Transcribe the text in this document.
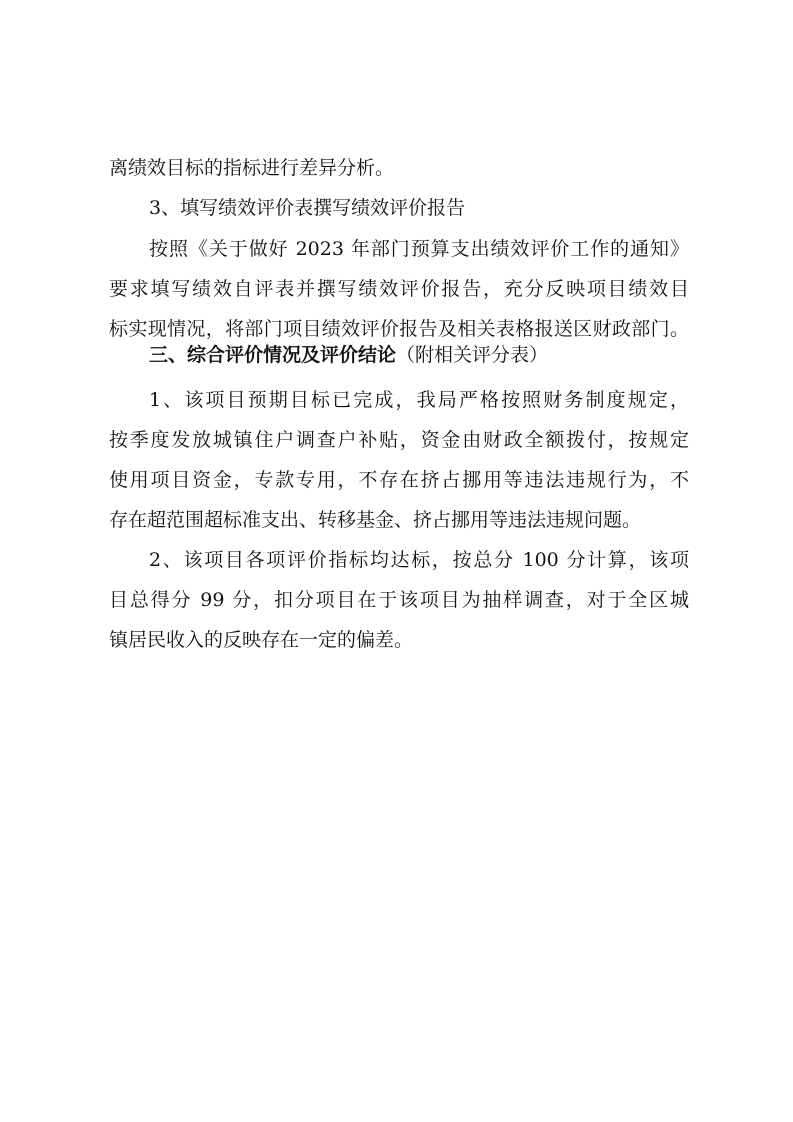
离绩效目标的指标进行差异分析。
3、填写绩效评价表撰写绩效评价报告
按照《关于做好 2023 年部门预算支出绩效评价工作的通知》
要求填写绩效自评表并撰写绩效评价报告，充分反映项目绩效目
标实现情况，将部门项目绩效评价报告及相关表格报送区财政部门。
三、综合评价情况及评价结论（附相关评分表）
1、该项目预期目标已完成，我局严格按照财务制度规定，
按季度发放城镇住户调查户补贴，资金由财政全额拨付，按规定
使用项目资金，专款专用，不存在挤占挪用等违法违规行为，不
存在超范围超标准支出、转移基金、挤占挪用等违法违规问题。
2、该项目各项评价指标均达标，按总分 100 分计算，该项
目总得分 99 分，扣分项目在于该项目为抽样调查，对于全区城
镇居民收入的反映存在一定的偏差。
